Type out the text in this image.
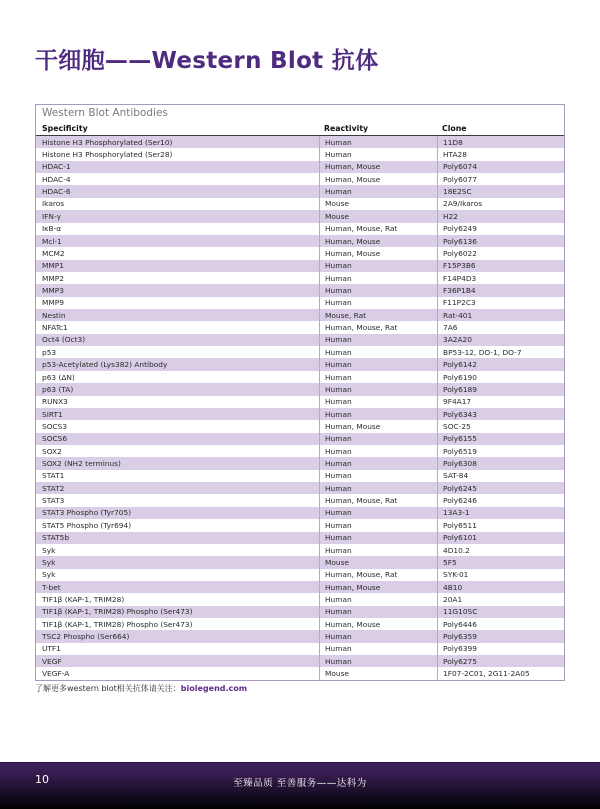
干细胞——Western Blot 抗体
Western Blot Antibodies
Specificity	Reactivity	Clone
Histone H3 Phosphorylated (Ser10)	Human	11D8
Histone H3 Phosphorylated (Ser28)	Human	HTA28
HDAC-1	Human, Mouse	Poly6074
HDAC-4	Human, Mouse	Poly6077
HDAC-6	Human	18E2SC
Ikaros	Mouse	2A9/Ikaros
IFN-γ	Mouse	H22
IκB-α	Human, Mouse, Rat	Poly6249
Mcl-1	Human, Mouse	Poly6136
MCM2	Human, Mouse	Poly6022
MMP1	Human	F15P3B6
MMP2	Human	F14P4D3
MMP3	Human	F36P1B4
MMP9	Human	F11P2C3
Nestin	Mouse, Rat	Rat-401
NFATc1	Human, Mouse, Rat	7A6
Oct4 (Oct3)	Human	3A2A20
p53	Human	BP53-12, DO-1, DO-7
p53-Acetylated (Lys382) Antibody	Human	Poly6142
p63 (ΔN)	Human	Poly6190
p63 (TA)	Human	Poly6189
RUNX3	Human	9F4A17
SIRT1	Human	Poly6343
SOCS3	Human, Mouse	SOC-25
SOCS6	Human	Poly6155
SOX2	Human	Poly6519
SOX2 (NH2 terminus)	Human	Poly6308
STAT1	Human	SAT-84
STAT2	Human	Poly6245
STAT3	Human, Mouse, Rat	Poly6246
STAT3 Phospho (Tyr705)	Human	13A3-1
STAT5 Phospho (Tyr694)	Human	Poly6511
STAT5b	Human	Poly6101
Syk	Human	4D10.2
Syk	Mouse	5F5
Syk	Human, Mouse, Rat	SYK-01
T-bet	Human, Mouse	4B10
TIF1β (KAP-1, TRIM28)	Human	20A1
TIF1β (KAP-1, TRIM28) Phospho (Ser473)	Human	11G10SC
TIF1β (KAP-1, TRIM28) Phospho (Ser473)	Human, Mouse	Poly6446
TSC2 Phospho (Ser664)	Human	Poly6359
UTF1	Human	Poly6399
VEGF	Human	Poly6275
VEGF-A	Mouse	1F07-2C01, 2G11-2A05

了解更多western blot相关抗体请关注：biolegend.com

10	至臻品质 至善服务——达科为
